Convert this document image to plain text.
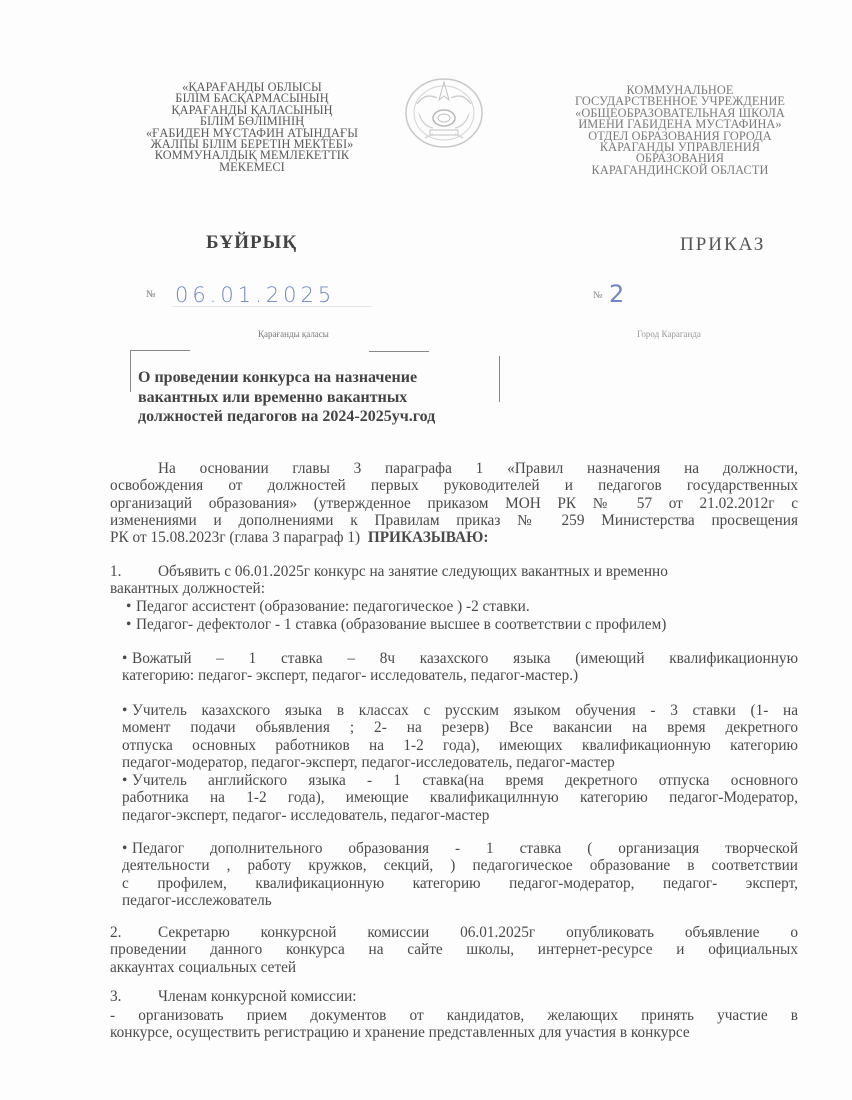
«ҚАРАҒАНДЫ ОБЛЫСЫ
БІЛІМ БАСҚАРМАСЫНЫҢ
ҚАРАҒАНДЫ ҚАЛАСЫНЫҢ
БІЛІМ БӨЛІМІНІҢ
«ҒАБИДЕН МҰСТАФИН АТЫНДАҒЫ
ЖАЛПЫ БІЛІМ БЕРЕТІН МЕКТЕБІ»
КОММУНАЛДЫҚ МЕМЛЕКЕТТІК
МЕКЕМЕСІ
КОММУНАЛЬНОЕ
ГОСУДАРСТВЕННОЕ УЧРЕЖДЕНИЕ
«ОБЩЕОБРАЗОВАТЕЛЬНАЯ ШКОЛА
ИМЕНИ ГАБИДЕНА МУСТАФИНА»
ОТДЕЛ ОБРАЗОВАНИЯ ГОРОДА
КАРАГАНДЫ УПРАВЛЕНИЯ
ОБРАЗОВАНИЯ
КАРАГАНДИНСКОЙ ОБЛАСТИ
БҰЙРЫҚ	ПРИКАЗ
№ 06.01.2025	№ 2
Қарағанды қаласы	Город Караганда
О проведении конкурса на назначение
вакантных или временно вакантных
должностей педагогов на 2024-2025уч.год
На основании главы 3 параграфа 1 «Правил назначения на должности,
освобождения от должностей первых руководителей и педагогов государственных
организаций образования» (утвержденное приказом МОН РК № 57 от 21.02.2012г с
изменениями и дополнениями к Правилам приказ № 259 Министерства просвещения
РК от 15.08.2023г (глава 3 параграф 1) ПРИКАЗЫВАЮ:
1. Объявить с 06.01.2025г конкурс на занятие следующих вакантных и временно
вакантных должностей:
• Педагог ассистент (образование: педагогическое ) -2 ставки.
• Педагог- дефектолог - 1 ставка (образование высшее в соответствии с профилем)
• Вожатый – 1 ставка – 8ч казахского языка (имеющий квалификационную
категорию: педагог- эксперт, педагог- исследователь, педагог-мастер.)
• Учитель казахского языка в классах с русским языком обучения - 3 ставки (1- на
момент подачи обьявления ; 2- на резерв) Все вакансии на время декретного
отпуска основных работников на 1-2 года), имеющих квалификационную категорию
педагог-модератор, педагог-эксперт, педагог-исследователь, педагог-мастер
• Учитель английского языка - 1 ставка(на время декретного отпуска основного
работника на 1-2 года), имеющие квалификацилнную категорию педагог-Модератор,
педагог-эксперт, педагог- исследователь, педагог-мастер
• Педагог дополнительного образования - 1 ставка ( организация творческой
деятельности , работу кружков, секций, ) педагогическое образование в соответствии
с профилем, квалификационную категорию педагог-модератор, педагог- эксперт,
педагог-исслежователь
2. Секретарю конкурсной комиссии 06.01.2025г опубликовать объявление о
проведении данного конкурса на сайте школы, интернет-ресурсе и официальных
аккаунтах социальных сетей
3. Членам конкурсной комиссии:
- организовать прием документов от кандидатов, желающих принять участие в
конкурсе, осуществить регистрацию и хранение представленных для участия в конкурсе
